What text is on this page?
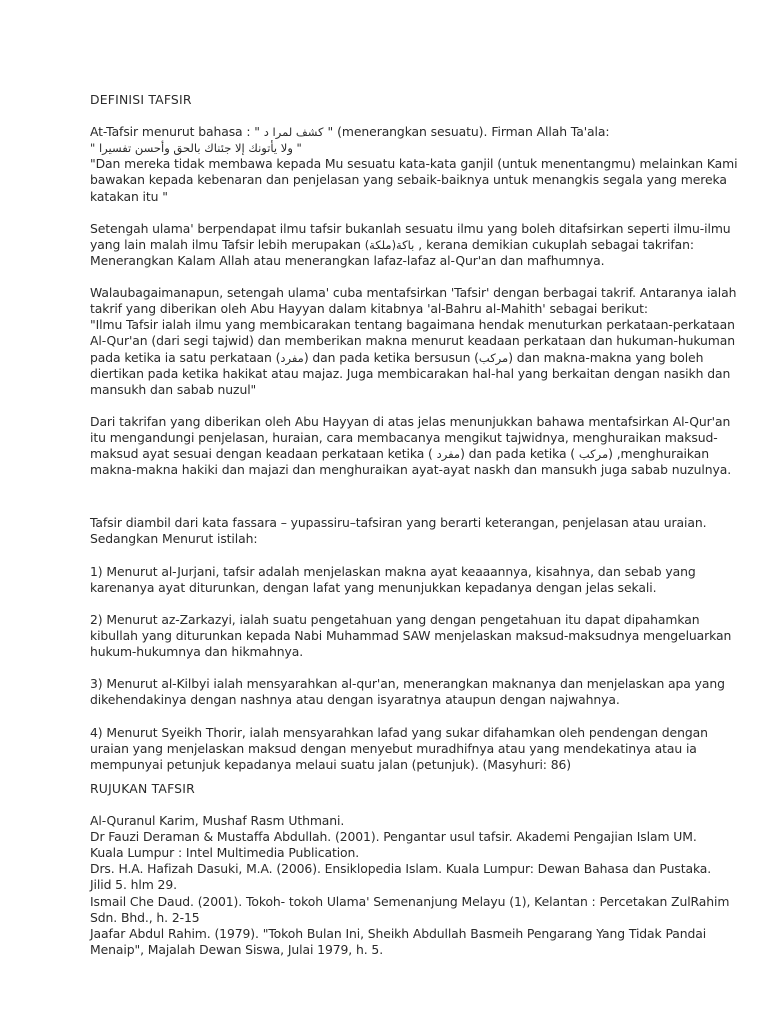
DEFINISI TAFSIR
At-Tafsir menurut bahasa : " كشف لمرا د " (menerangkan sesuatu). Firman Allah Ta'ala:
" ولا يأتونك إلا جئناك بالحق وأحسن تفسيرا "
"Dan mereka tidak membawa kepada Mu sesuatu kata-kata ganjil (untuk menentangmu) melainkan Kami
bawakan kepada kebenaran dan penjelasan yang sebaik-baiknya untuk menangkis segala yang mereka
katakan itu "
Setengah ulama' berpendapat ilmu tafsir bukanlah sesuatu ilmu yang boleh ditafsirkan seperti ilmu-ilmu
yang lain malah ilmu Tafsir lebih merupakan (ملكة)باكة , kerana demikian cukuplah sebagai takrifan:
Menerangkan Kalam Allah atau menerangkan lafaz-lafaz al-Qur'an dan mafhumnya.
Walaubagaimanapun, setengah ulama' cuba mentafsirkan 'Tafsir' dengan berbagai takrif. Antaranya ialah
takrif yang diberikan oleh Abu Hayyan dalam kitabnya 'al-Bahru al-Mahith' sebagai berikut:
"Ilmu Tafsir ialah ilmu yang membicarakan tentang bagaimana hendak menuturkan perkataan-perkataan
Al-Qur'an (dari segi tajwid) dan memberikan makna menurut keadaan perkataan dan hukuman-hukuman
pada ketika ia satu perkataan (مفرد) dan pada ketika bersusun (مركب) dan makna-makna yang boleh
diertikan pada ketika hakikat atau majaz. Juga membicarakan hal-hal yang berkaitan dengan nasikh dan
mansukh dan sabab nuzul"
Dari takrifan yang diberikan oleh Abu Hayyan di atas jelas menunjukkan bahawa mentafsirkan Al-Qur'an
itu mengandungi penjelasan, huraian, cara membacanya mengikut tajwidnya, menghuraikan maksud-
maksud ayat sesuai dengan keadaan perkataan ketika ( مفرد) dan pada ketika ( مركب) ,menghuraikan
makna-makna hakiki dan majazi dan menghuraikan ayat-ayat naskh dan mansukh juga sabab nuzulnya.
Tafsir diambil dari kata fassara – yupassiru–tafsiran yang berarti keterangan, penjelasan atau uraian.
Sedangkan Menurut istilah:
1) Menurut al-Jurjani, tafsir adalah menjelaskan makna ayat keaaannya, kisahnya, dan sebab yang
karenanya ayat diturunkan, dengan lafat yang menunjukkan kepadanya dengan jelas sekali.
2) Menurut az-Zarkazyi, ialah suatu pengetahuan yang dengan pengetahuan itu dapat dipahamkan
kibullah yang diturunkan kepada Nabi Muhammad SAW menjelaskan maksud-maksudnya mengeluarkan
hukum-hukumnya dan hikmahnya.
3) Menurut al-Kilbyi ialah mensyarahkan al-qur'an, menerangkan maknanya dan menjelaskan apa yang
dikehendakinya dengan nashnya atau dengan isyaratnya ataupun dengan najwahnya.
4) Menurut Syeikh Thorir, ialah mensyarahkan lafad yang sukar difahamkan oleh pendengan dengan
uraian yang menjelaskan maksud dengan menyebut muradhifnya atau yang mendekatinya atau ia
mempunyai petunjuk kepadanya melaui suatu jalan (petunjuk). (Masyhuri: 86)
RUJUKAN TAFSIR
Al-Quranul Karim, Mushaf Rasm Uthmani.
Dr Fauzi Deraman & Mustaffa Abdullah. (2001). Pengantar usul tafsir. Akademi Pengajian Islam UM.
Kuala Lumpur : Intel Multimedia Publication.
Drs. H.A. Hafizah Dasuki, M.A. (2006). Ensiklopedia Islam. Kuala Lumpur: Dewan Bahasa dan Pustaka.
Jilid 5. hlm 29.
Ismail Che Daud. (2001). Tokoh- tokoh Ulama' Semenanjung Melayu (1), Kelantan : Percetakan ZulRahim
Sdn. Bhd., h. 2-15
Jaafar Abdul Rahim. (1979). "Tokoh Bulan Ini, Sheikh Abdullah Basmeih Pengarang Yang Tidak Pandai
Menaip", Majalah Dewan Siswa, Julai 1979, h. 5.
